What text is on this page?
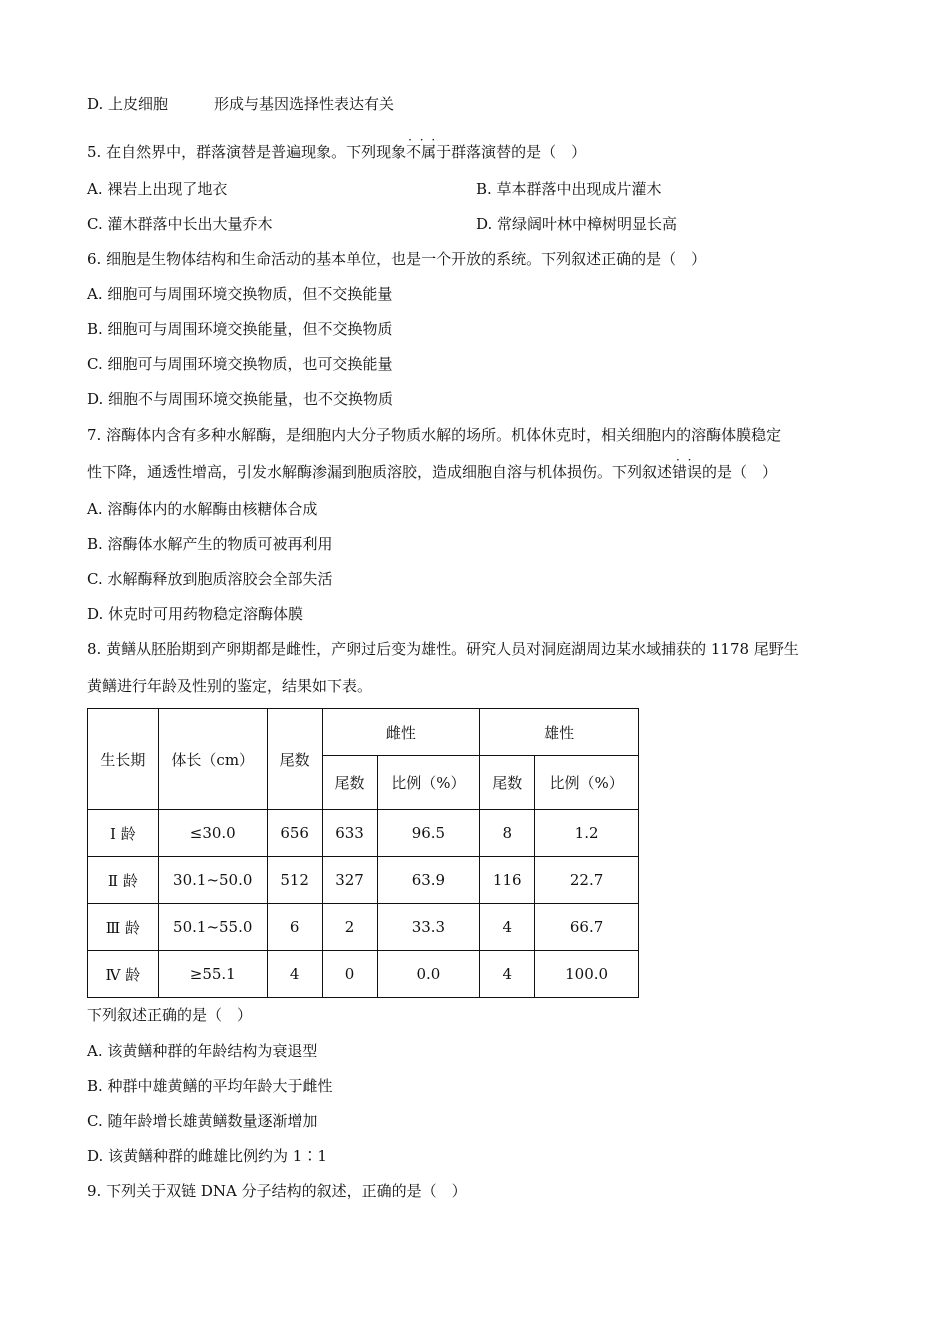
D. 上皮细胞	形成与基因选择性表达有关
5. 在自然界中，群落演替是普遍现象。下列现象· · · 不属于群落演替的是（　）
A. 裸岩上出现了地衣	B. 草本群落中出现成片灌木
C. 灌木群落中长出大量乔木	D. 常绿阔叶林中樟树明显长高
6. 细胞是生物体结构和生命活动的基本单位，也是一个开放的系统。下列叙述正确的是（　）
A. 细胞可与周围环境交换物质，但不交换能量
B. 细胞可与周围环境交换能量，但不交换物质
C. 细胞可与周围环境交换物质，也可交换能量
D. 细胞不与周围环境交换能量，也不交换物质
7. 溶酶体内含有多种水解酶，是细胞内大分子物质水解的场所。机体休克时，相关细胞内的溶酶体膜稳定
性下降，通透性增高，引发水解酶渗漏到胞质溶胶，造成细胞自溶与机体损伤。下列叙述· · 错误的是（　）
A. 溶酶体内的水解酶由核糖体合成
B. 溶酶体水解产生的物质可被再利用
C. 水解酶释放到胞质溶胶会全部失活
D. 休克时可用药物稳定溶酶体膜
8. 黄鳝从胚胎期到产卵期都是雌性，产卵过后变为雄性。研究人员对洞庭湖周边某水域捕获的 1178 尾野生
黄鳝进行年龄及性别的鉴定，结果如下表。
生长期	体长（cm）	尾数	雌性		雄性	
			尾数	比例（%）	尾数	比例（%）
Ⅰ 龄	≤30.0	656	633	96.5	8	1.2
Ⅱ 龄	30.1~50.0	512	327	63.9	116	22.7
Ⅲ 龄	50.1~55.0	6	2	33.3	4	66.7
Ⅳ 龄	≥55.1	4	0	0.0	4	100.0
下列叙述正确的是（　）
A. 该黄鳝种群的年龄结构为衰退型
B. 种群中雄黄鳝的平均年龄大于雌性
C. 随年龄增长雄黄鳝数量逐渐增加
D. 该黄鳝种群的雌雄比例约为 1∶1
9. 下列关于双链 DNA 分子结构的叙述，正确的是（　）
